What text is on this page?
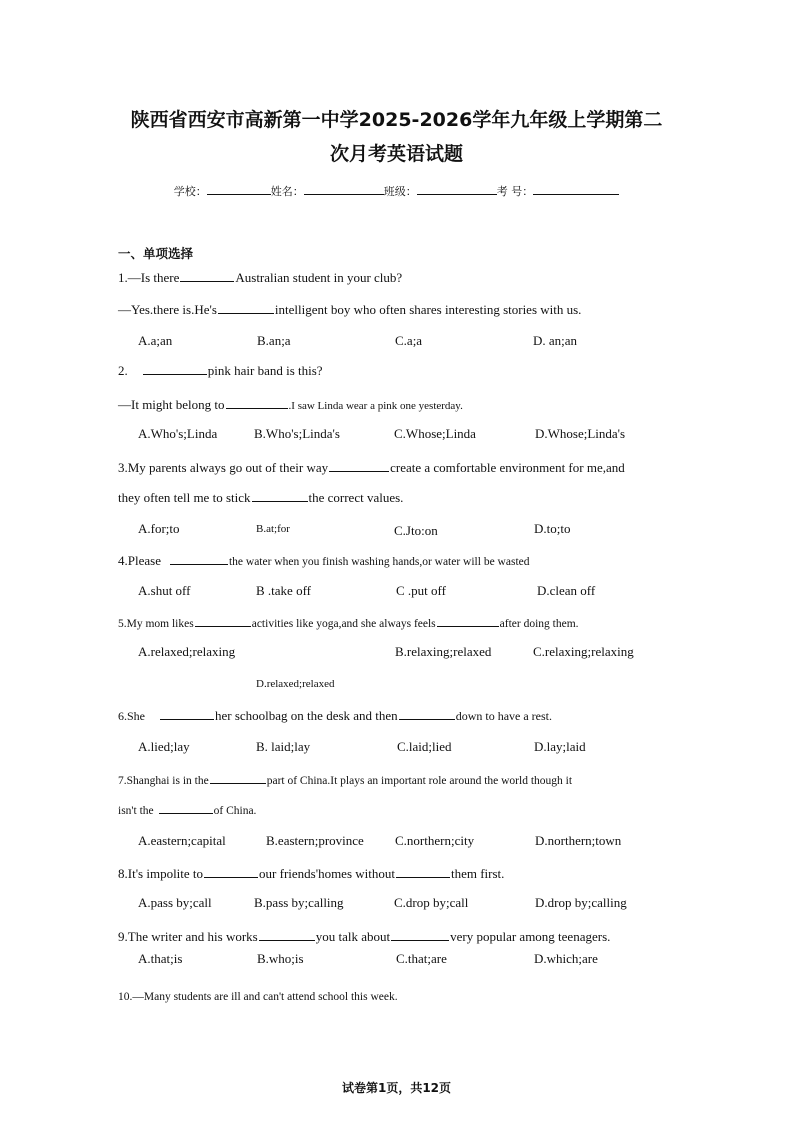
陕西省西安市高新第一中学2025-2026学年九年级上学期第二
次月考英语试题
学校：	姓名：	班级：	考 号：
一、单项选择
1.—Is there	Australian student in your club?
—Yes.there is.He's	intelligent boy who often shares interesting stories with us.
A.a;an	B.an;a	C.a;a	D. an;an
2.	pink hair band is this?
—It might belong to	.I saw Linda wear a pink one yesterday.
A.Who's;Linda	B.Who's;Linda's	C.Whose;Linda	D.Whose;Linda's
3.My parents always go out of their way	create a comfortable environment for me,and
they often tell me to stick	the correct values.
A.for;to	B.at;for	C.Jto:on	D.to;to
4.Please	the water when you finish washing hands,or water will be wasted
A.shut off	B .take off	C .put off	D.clean off
5.My mom likes	activities like yoga,and she always feels	after doing them.
A.relaxed;relaxing	B.relaxing;relaxed	C.relaxing;relaxing
D.relaxed;relaxed
6.She	her schoolbag on the desk and then	down to have a rest.
A.lied;lay	B. laid;lay	C.laid;lied	D.lay;laid
7.Shanghai is in the	part of China.It plays an important role around the world though it
isn't the	of China.
A.eastern;capital	B.eastern;province C.northern;city	D.northern;town
8.It's impolite to	our friends'homes without	them first.
A.pass by;call	B.pass by;calling	C.drop by;call	D.drop by;calling
9.The writer and his works	you talk about	very popular among teenagers.
A.that;is	B.who;is	C.that;are	D.which;are
10.—Many students are ill and can't attend school this week.
试卷第1页，共12页
